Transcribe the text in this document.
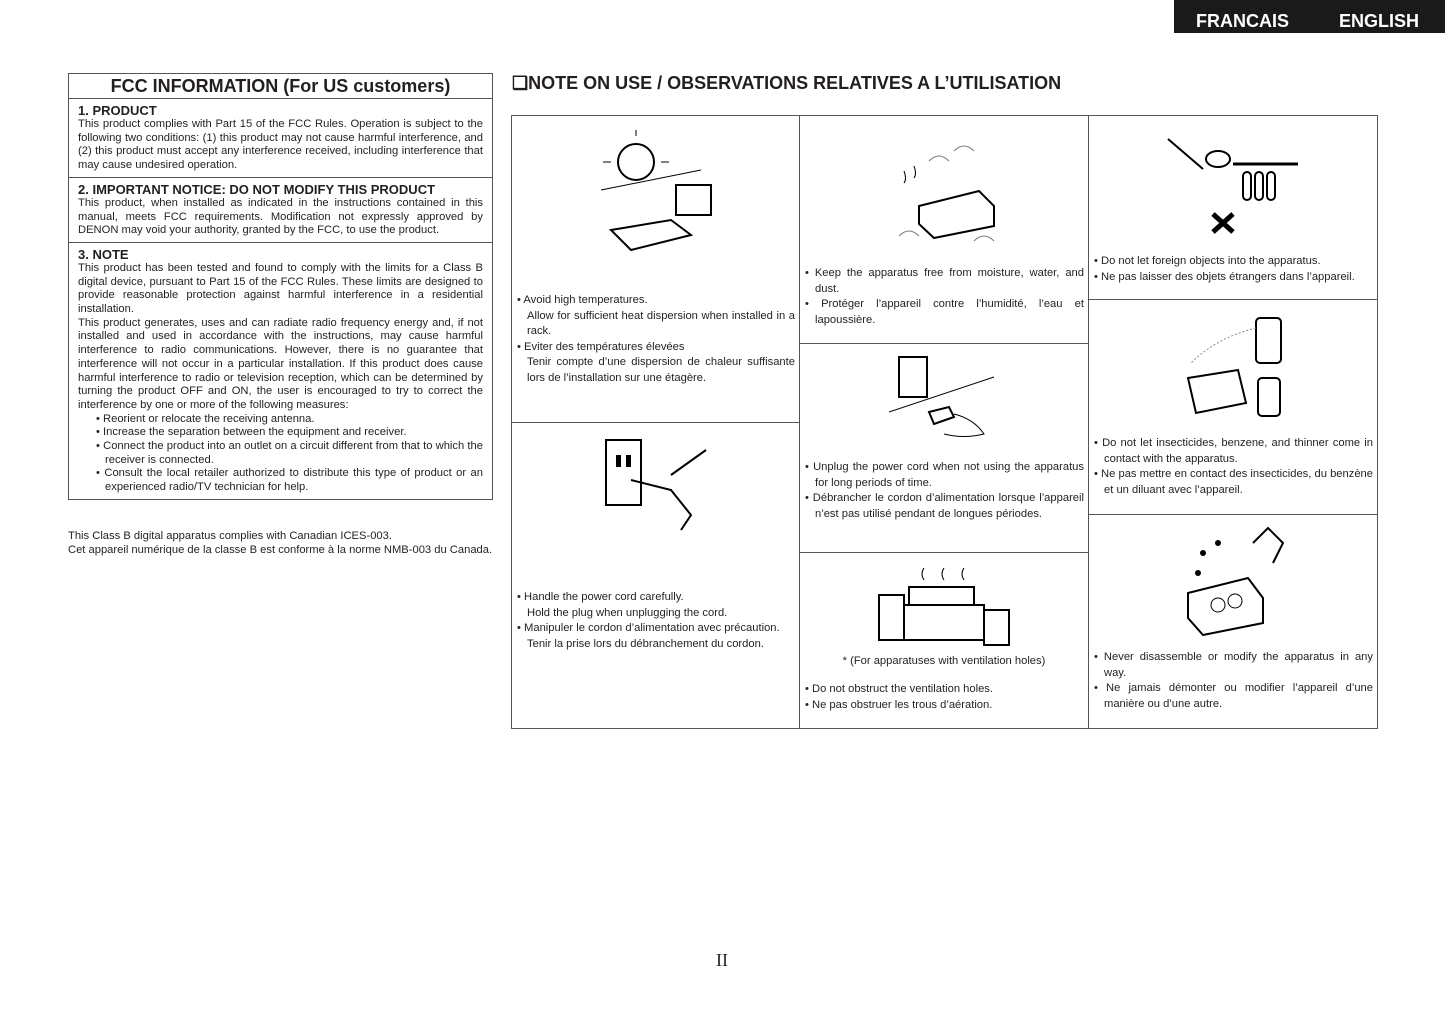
FRANCAIS	ENGLISH
FCC INFORMATION (For US customers)
1. PRODUCT
This product complies with Part 15 of the FCC Rules. Operation is subject to the following two conditions: (1) this product may not cause harmful interference, and (2) this product must accept any interference received, including interference that may cause undesired operation.
2. IMPORTANT NOTICE: DO NOT MODIFY THIS PRODUCT
This product, when installed as indicated in the instructions contained in this manual, meets FCC requirements. Modification not expressly approved by DENON may void your authority, granted by the FCC, to use the product.
3. NOTE
This product has been tested and found to comply with the limits for a Class B digital device, pursuant to Part 15 of the FCC Rules. These limits are designed to provide reasonable protection against harmful interference in a residential installation.
This product generates, uses and can radiate radio frequency energy and, if not installed and used in accordance with the instructions, may cause harmful interference to radio communications. However, there is no guarantee that interference will not occur in a particular installation. If this product does cause harmful interference to radio or television reception, which can be determined by turning the product OFF and ON, the user is encouraged to try to correct the interference by one or more of the following measures:
• Reorient or relocate the receiving antenna.
• Increase the separation between the equipment and receiver.
• Connect the product into an outlet on a circuit different from that to which the receiver is connected.
• Consult the local retailer authorized to distribute this type of product or an experienced radio/TV technician for help.
This Class B digital apparatus complies with Canadian ICES-003.
Cet appareil numérique de la classe B est conforme à la norme NMB-003 du Canada.
❑NOTE ON USE / OBSERVATIONS RELATIVES A L’UTILISATION

• Avoid high temperatures.

Allow for sufficient heat dispersion when installed in a rack.

• Eviter des températures élevées

Tenir compte d’une dispersion de chaleur suffisante lors de l’installation sur une étagère.

• Handle the power cord carefully.

Hold the plug when unplugging the cord.

• Manipuler le cordon d’alimentation avec précaution.

Tenir la prise lors du débranchement du cordon.

• Keep the apparatus free from moisture, water, and dust.

• Protéger l’appareil contre l’humidité, l’eau et lapoussière.

• Unplug the power cord when not using the apparatus for long periods of time.

• Débrancher le cordon d’alimentation lorsque l’appareil n’est pas utilisé pendant de longues périodes.

* (For apparatuses with ventilation holes)

• Do not obstruct the ventilation holes.

• Ne pas obstruer les trous d’aération.

• Do not let foreign objects into the apparatus.

• Ne pas laisser des objets étrangers dans l’appareil.

• Do not let insecticides, benzene, and thinner come in contact with the apparatus.

• Ne pas mettre en contact des insecticides, du benzène et un diluant avec l’appareil.

• Never disassemble or modify the apparatus in any way.

• Ne jamais démonter ou modifier l’appareil d’une manière ou d’une autre.

II
